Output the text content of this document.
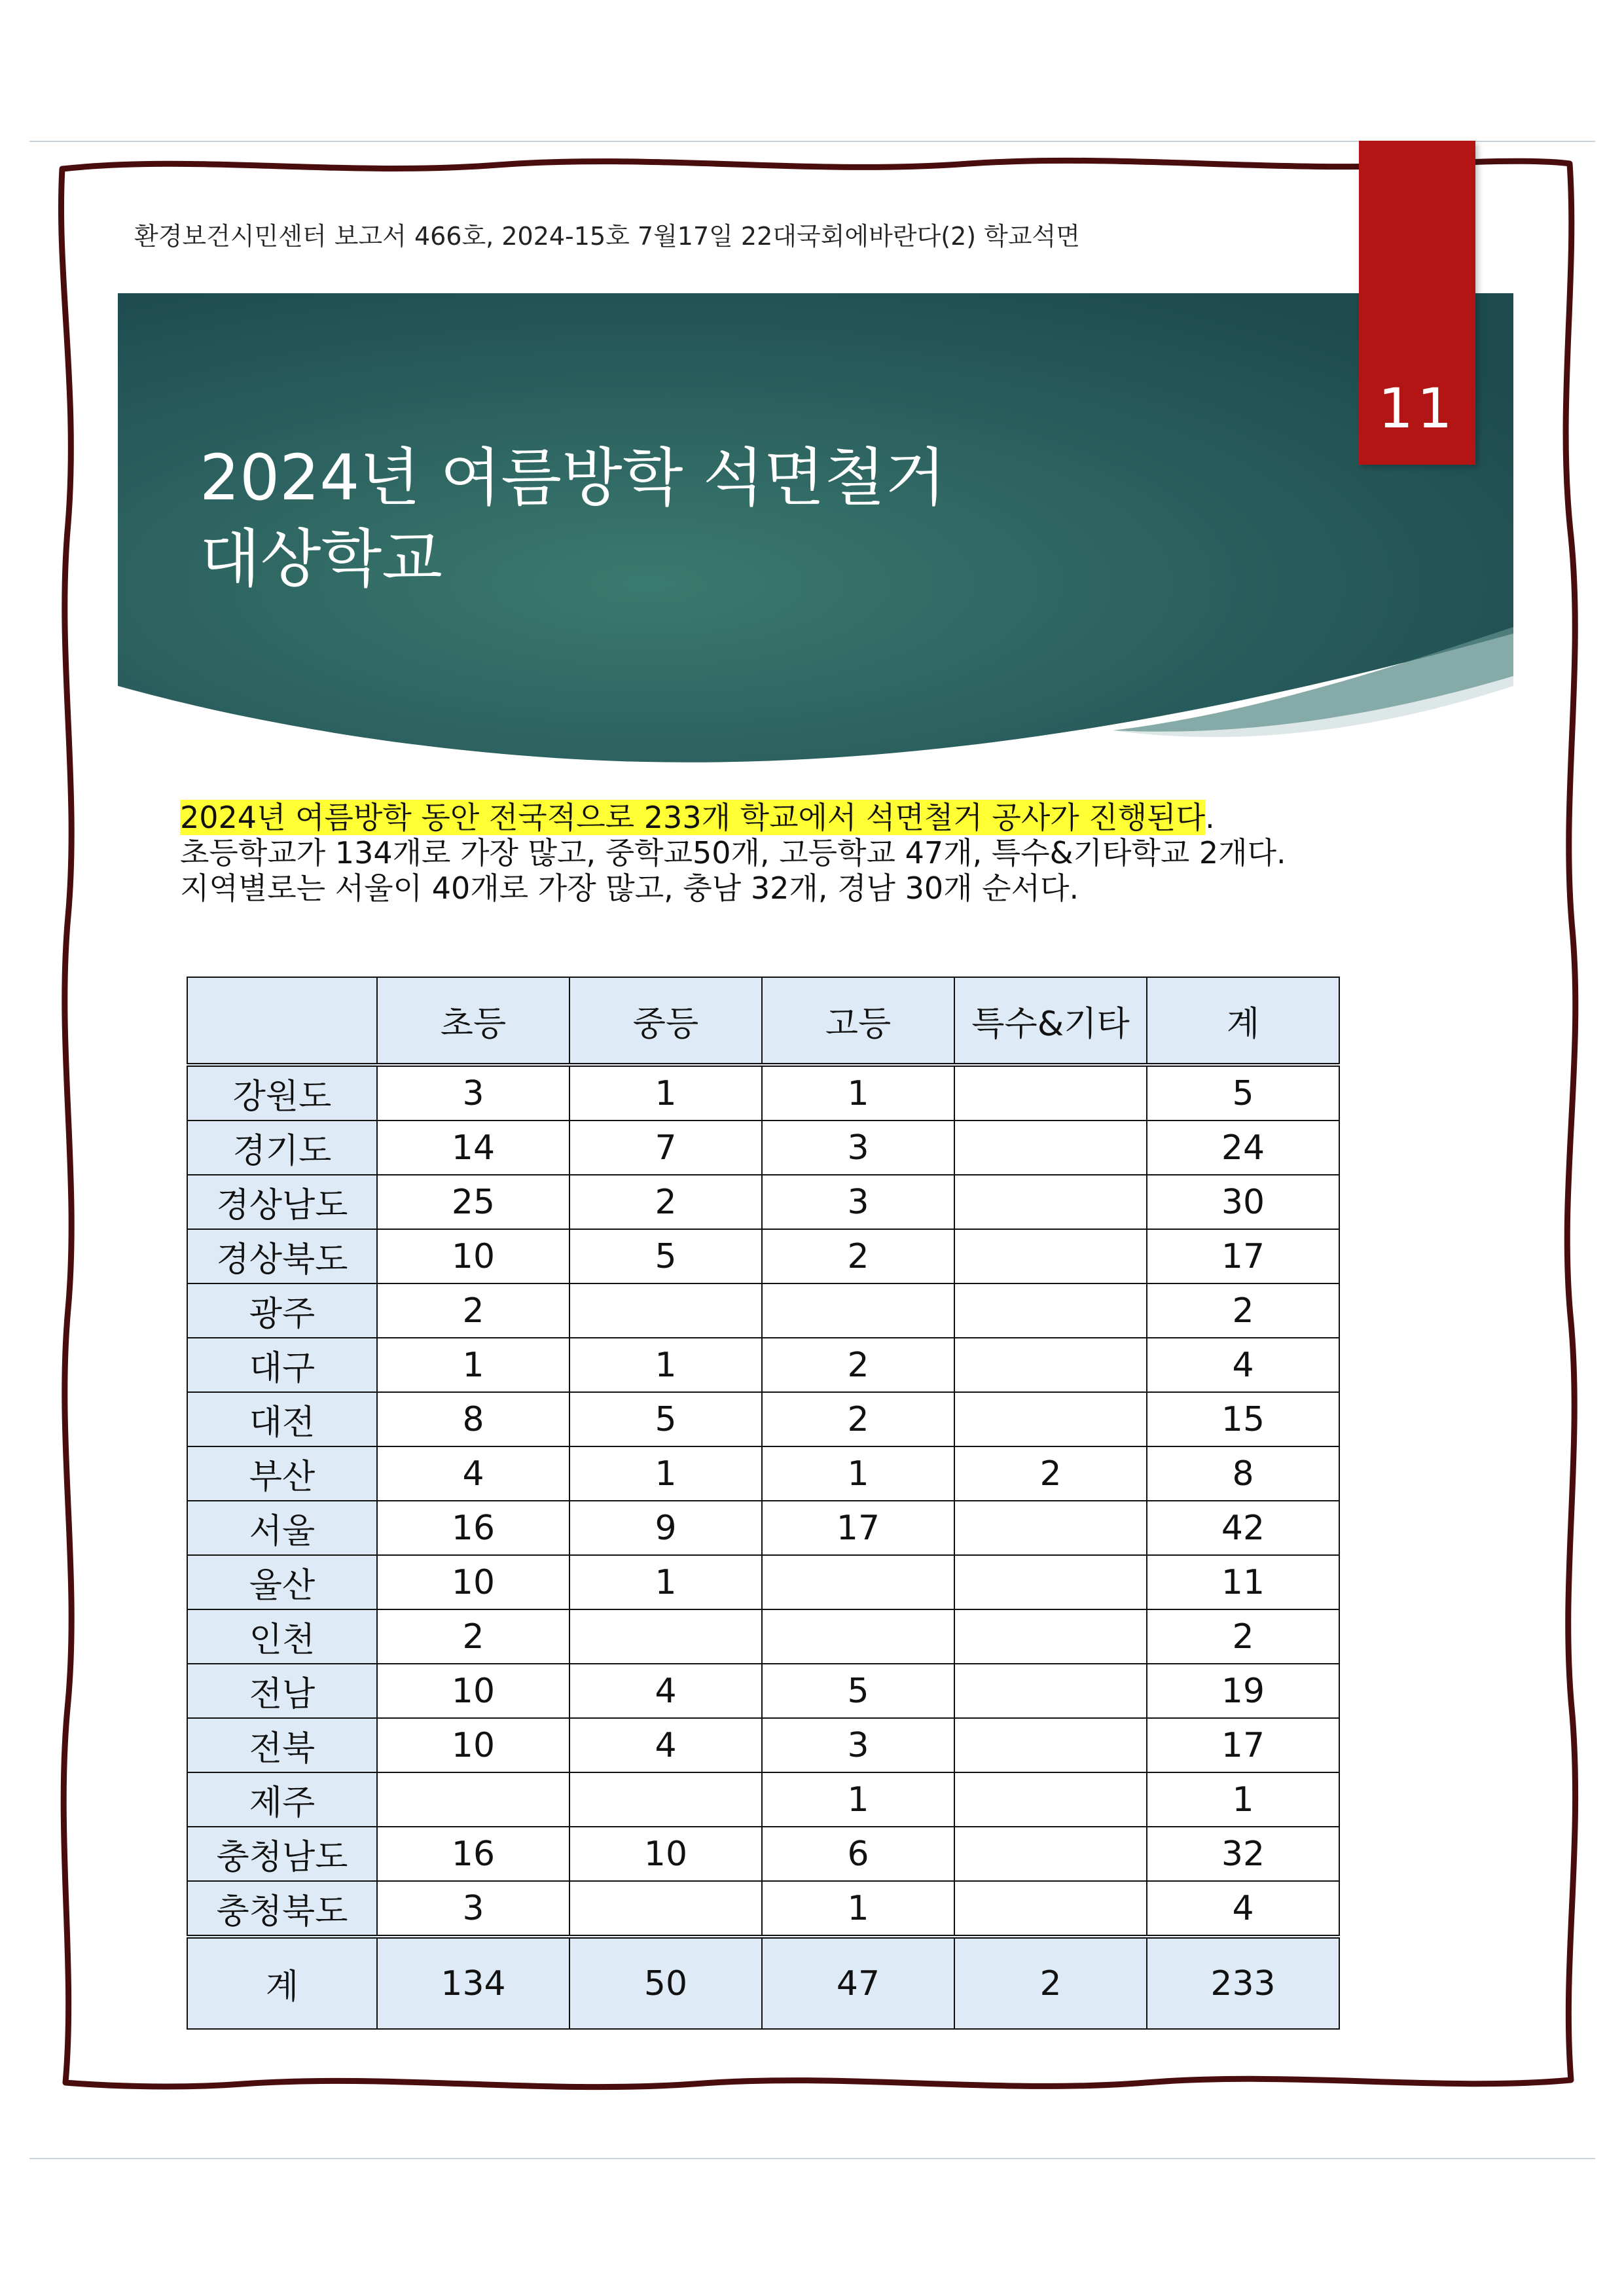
환경보건시민센터 보고서 466호, 2024-15호 7월17일 22대국회에바란다(2) 학교석면
2024년 여름방학 석면철거
대상학교
11
2024년 여름방학 동안 전국적으로 233개 학교에서 석면철거 공사가 진행된다.
초등학교가 134개로 가장 많고, 중학교50개, 고등학교 47개, 특수&기타학교 2개다.
지역별로는 서울이 40개로 가장 많고, 충남 32개, 경남 30개 순서다.
	초등	중등	고등	특수&기타	계
강원도	3	1	1		5
경기도	14	7	3		24
경상남도	25	2	3		30
경상북도	10	5	2		17
광주	2				2
대구	1	1	2		4
대전	8	5	2		15
부산	4	1	1	2	8
서울	16	9	17		42
울산	10	1			11
인천	2				2
전남	10	4	5		19
전북	10	4	3		17
제주			1		1
충청남도	16	10	6		32
충청북도	3		1		4
계	134	50	47	2	233
